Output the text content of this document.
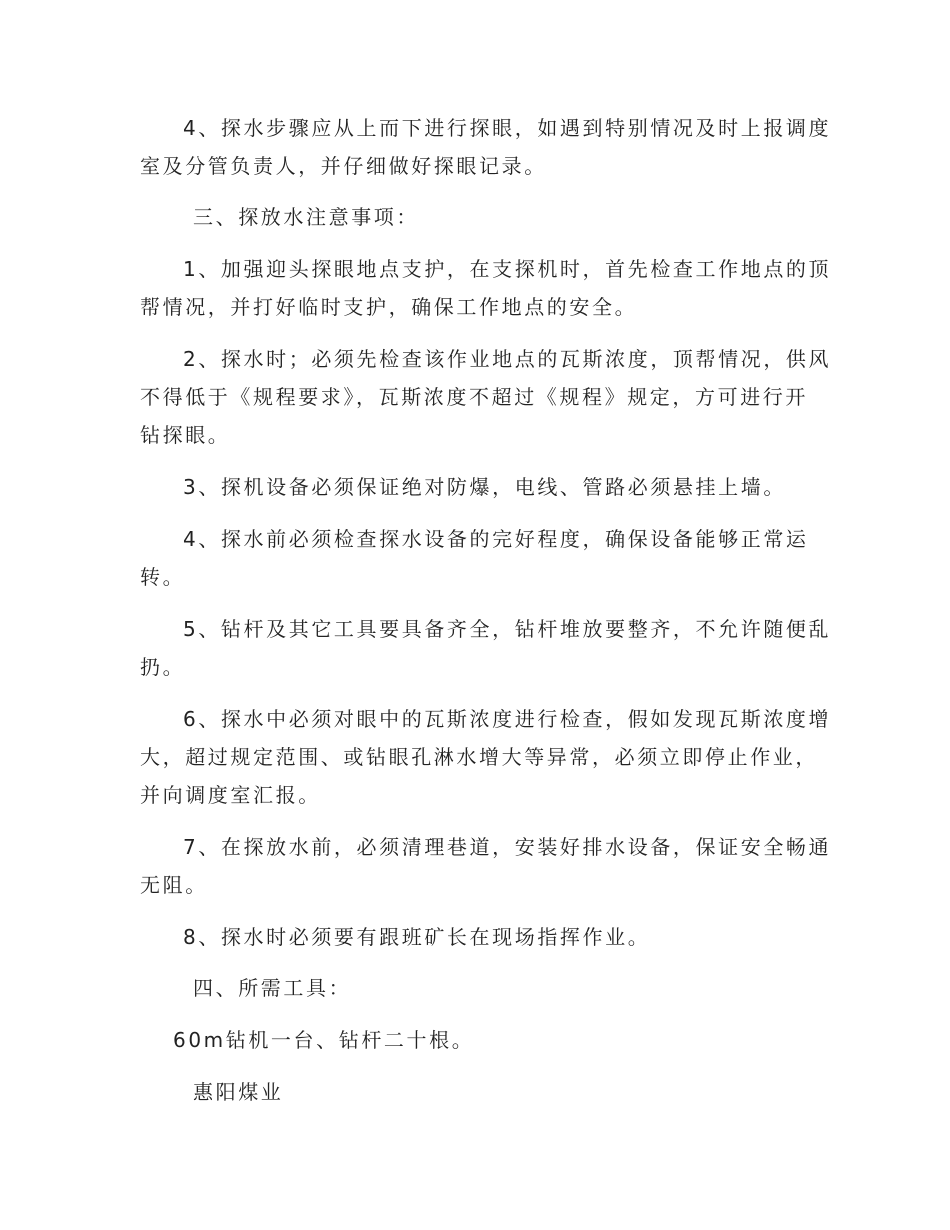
4、探水步骤应从上而下进行探眼，如遇到特别情况及时上报调度

室及分管负责人，并仔细做好探眼记录。

三、探放水注意事项：

1、加强迎头探眼地点支护，在支探机时，首先检查工作地点的顶

帮情况，并打好临时支护，确保工作地点的安全。

2、探水时；必须先检查该作业地点的瓦斯浓度，顶帮情况，供风

不得低于《规程要求》，瓦斯浓度不超过《规程》规定，方可进行开

钻探眼。

3、探机设备必须保证绝对防爆，电线、管路必须悬挂上墙。

4、探水前必须检查探水设备的完好程度，确保设备能够正常运

转。

5、钻杆及其它工具要具备齐全，钻杆堆放要整齐，不允许随便乱

扔。

6、探水中必须对眼中的瓦斯浓度进行检查，假如发现瓦斯浓度增

大，超过规定范围、或钻眼孔淋水增大等异常，必须立即停止作业，

并向调度室汇报。

7、在探放水前，必须清理巷道，安装好排水设备，保证安全畅通

无阻。

8、探水时必须要有跟班矿长在现场指挥作业。

四、所需工具：

60m钻机一台、钻杆二十根。

惠阳煤业
